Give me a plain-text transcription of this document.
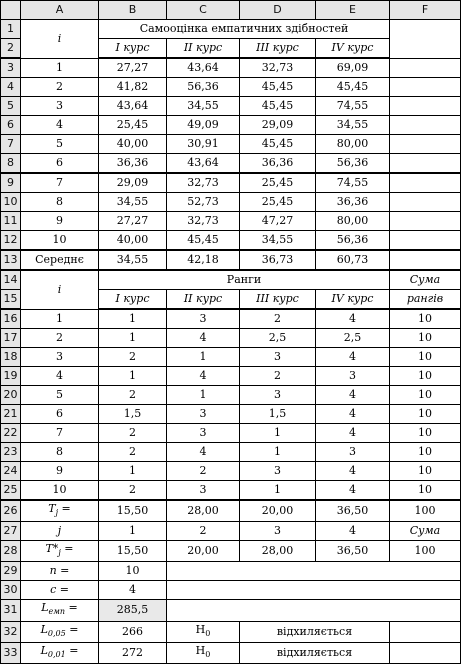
	A	B	C	D	E	F
1	i	Самооцінка емпатичних здібностей				
2		I курс	II курс	III курс	IV курс	
3	1	27,27	43,64	32,73	69,09	
4	2	41,82	56,36	45,45	45,45	
5	3	43,64	34,55	45,45	74,55	
6	4	25,45	49,09	29,09	34,55	
7	5	40,00	30,91	45,45	80,00	
8	6	36,36	43,64	36,36	56,36	
9	7	29,09	32,73	25,45	74,55	
10	8	34,55	52,73	25,45	36,36	
11	9	27,27	32,73	47,27	80,00	
12	10	40,00	45,45	34,55	56,36	
13	Середнє	34,55	42,18	36,73	60,73	
14	i	Ранги				Сума
15		I курс	II курс	III курс	IV курс	рангів
16	1	1	3	2	4	10
17	2	1	4	2,5	2,5	10
18	3	2	1	3	4	10
19	4	1	4	2	3	10
20	5	2	1	3	4	10
21	6	1,5	3	1,5	4	10
22	7	2	3	1	4	10
23	8	2	4	1	3	10
24	9	1	2	3	4	10
25	10	2	3	1	4	10
26	$T_j$ =	15,50	28,00	20,00	36,50	100
27	j	1	2	3	4	Сума
28	$T*_j$ =	15,50	20,00	28,00	36,50	100
29	n =	10				
30	c =	4				
31	$L_{емп}$ =	285,5				
32	$L_{0,05}$ =	266	$H_0$	відхиляється		
33	$L_{0,01}$ =	272	$H_0$	відхиляється		
